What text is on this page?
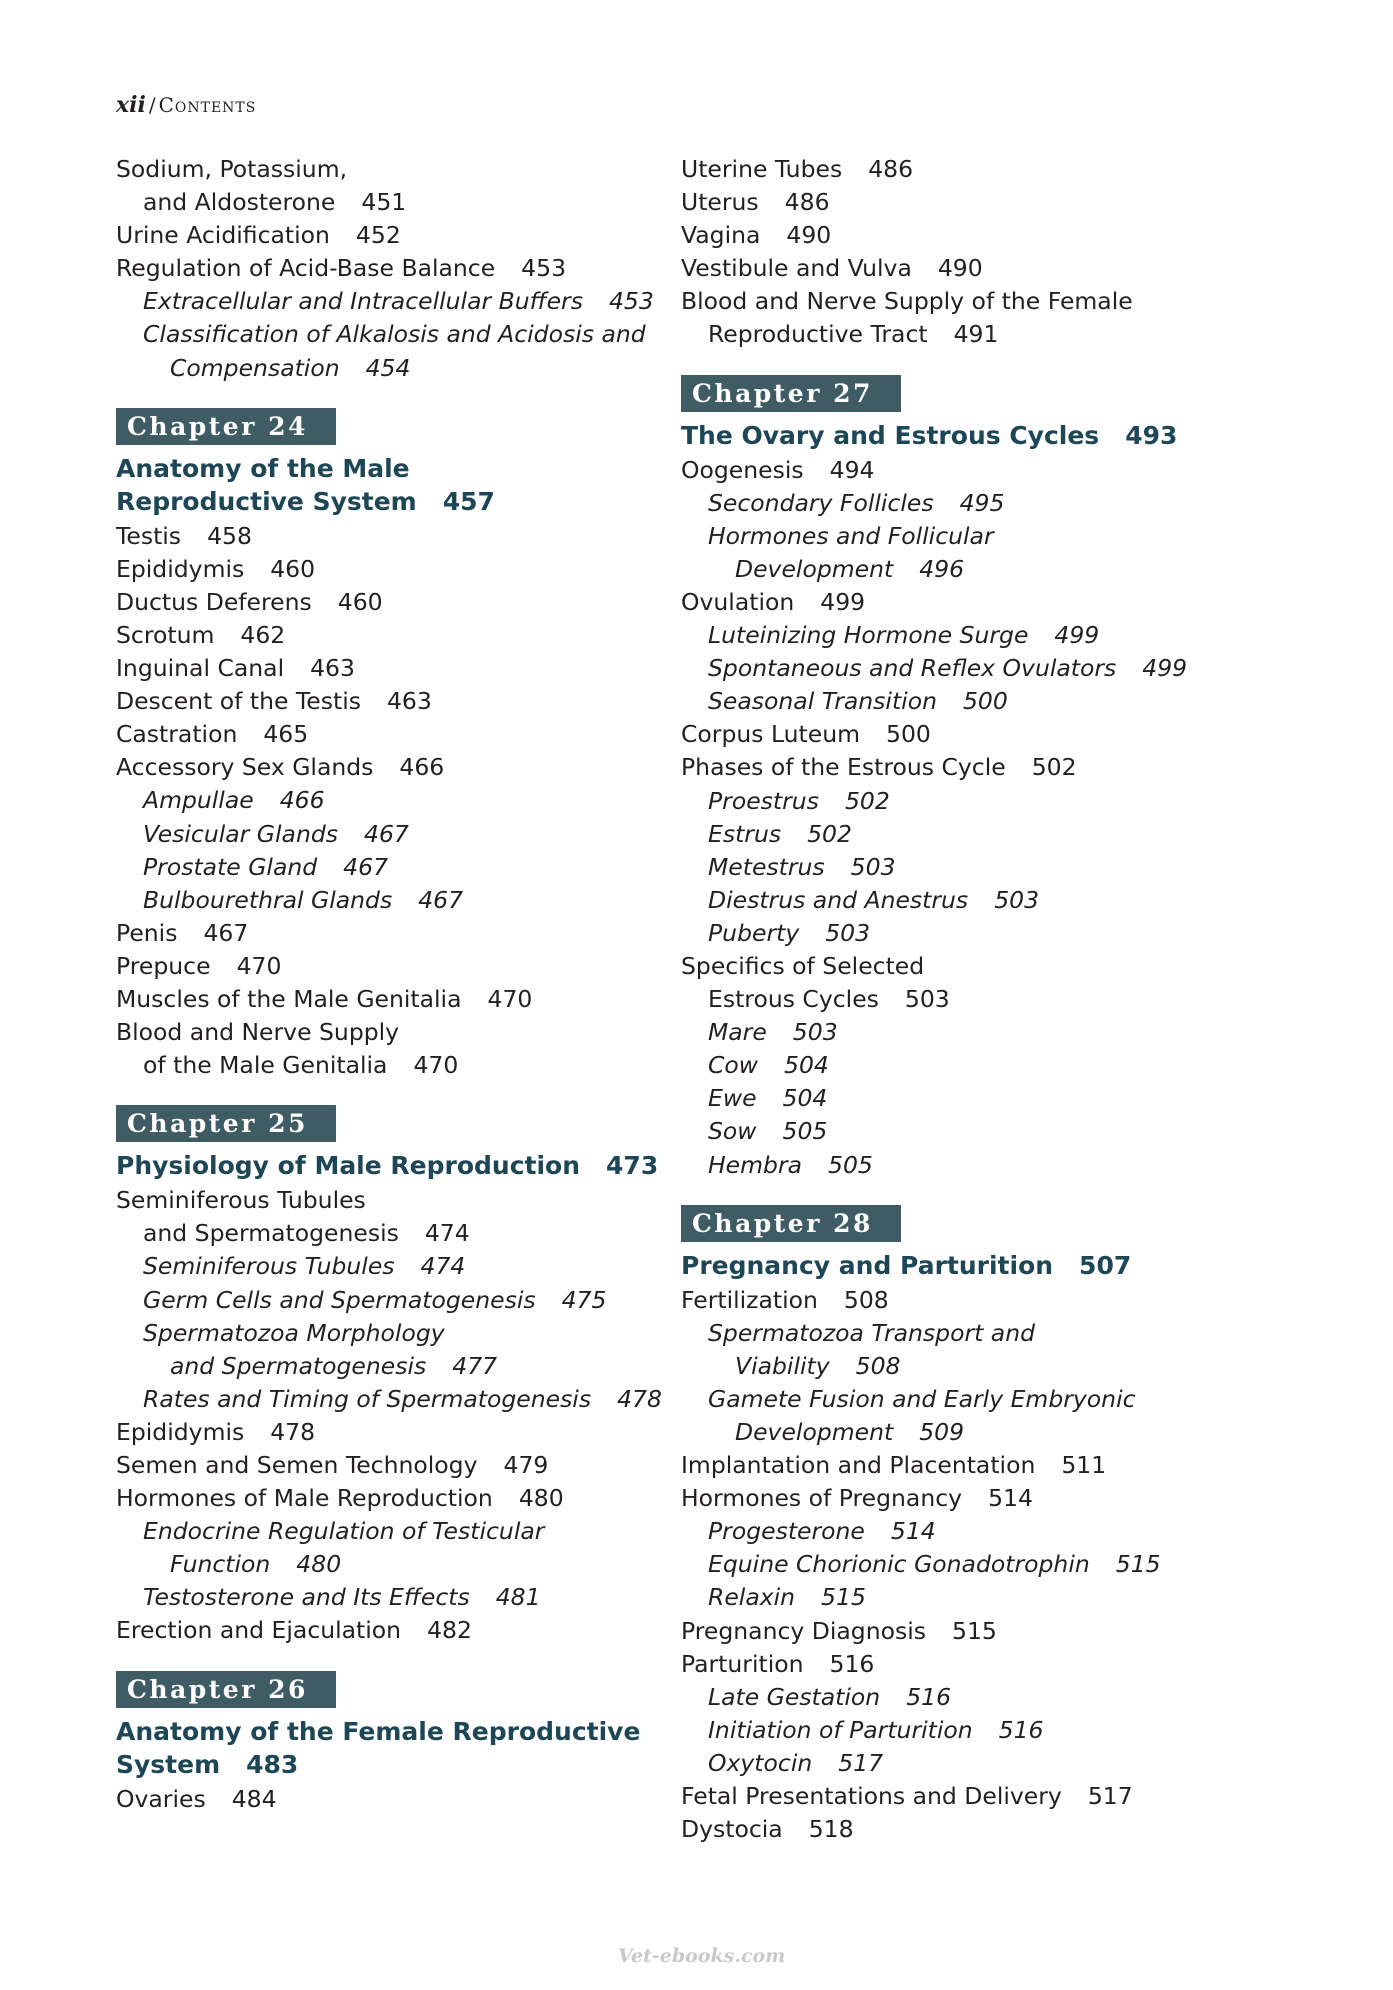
xii / Contents
Sodium, Potassium,
and Aldosterone 451
Urine Acidification 452
Regulation of Acid-Base Balance 453
Extracellular and Intracellular Buffers 453
Classification of Alkalosis and Acidosis and
Compensation 454
Chapter 24
Anatomy of the Male
Reproductive System 457
Testis 458
Epididymis 460
Ductus Deferens 460
Scrotum 462
Inguinal Canal 463
Descent of the Testis 463
Castration 465
Accessory Sex Glands 466
Ampullae 466
Vesicular Glands 467
Prostate Gland 467
Bulbourethral Glands 467
Penis 467
Prepuce 470
Muscles of the Male Genitalia 470
Blood and Nerve Supply
of the Male Genitalia 470
Chapter 25
Physiology of Male Reproduction 473
Seminiferous Tubules
and Spermatogenesis 474
Seminiferous Tubules 474
Germ Cells and Spermatogenesis 475
Spermatozoa Morphology
and Spermatogenesis 477
Rates and Timing of Spermatogenesis 478
Epididymis 478
Semen and Semen Technology 479
Hormones of Male Reproduction 480
Endocrine Regulation of Testicular
Function 480
Testosterone and Its Effects 481
Erection and Ejaculation 482
Chapter 26
Anatomy of the Female Reproductive
System 483
Ovaries 484
Uterine Tubes 486
Uterus 486
Vagina 490
Vestibule and Vulva 490
Blood and Nerve Supply of the Female
Reproductive Tract 491
Chapter 27
The Ovary and Estrous Cycles 493
Oogenesis 494
Secondary Follicles 495
Hormones and Follicular
Development 496
Ovulation 499
Luteinizing Hormone Surge 499
Spontaneous and Reflex Ovulators 499
Seasonal Transition 500
Corpus Luteum 500
Phases of the Estrous Cycle 502
Proestrus 502
Estrus 502
Metestrus 503
Diestrus and Anestrus 503
Puberty 503
Specifics of Selected
Estrous Cycles 503
Mare 503
Cow 504
Ewe 504
Sow 505
Hembra 505
Chapter 28
Pregnancy and Parturition 507
Fertilization 508
Spermatozoa Transport and
Viability 508
Gamete Fusion and Early Embryonic
Development 509
Implantation and Placentation 511
Hormones of Pregnancy 514
Progesterone 514
Equine Chorionic Gonadotrophin 515
Relaxin 515
Pregnancy Diagnosis 515
Parturition 516
Late Gestation 516
Initiation of Parturition 516
Oxytocin 517
Fetal Presentations and Delivery 517
Dystocia 518
Vet-ebooks.com
